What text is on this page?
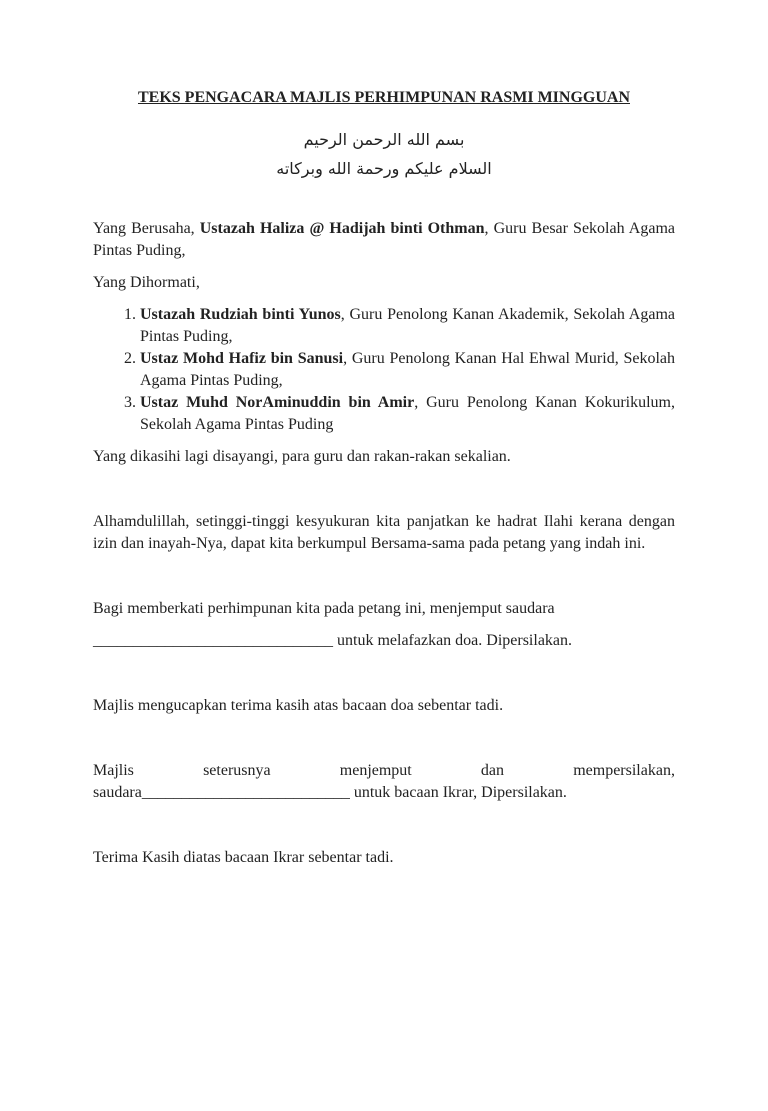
TEKS PENGACARA MAJLIS PERHIMPUNAN RASMI MINGGUAN
بسم الله الرحمن الرحيم
السلام عليكم ورحمة الله وبركاته

Yang Berusaha, Ustazah Haliza @ Hadijah binti Othman, Guru Besar Sekolah Agama Pintas Puding,

Yang Dihormati,

1. Ustazah Rudziah binti Yunos, Guru Penolong Kanan Akademik, Sekolah Agama Pintas Puding,
2. Ustaz Mohd Hafiz bin Sanusi, Guru Penolong Kanan Hal Ehwal Murid, Sekolah Agama Pintas Puding,
3. Ustaz Muhd NorAminuddin bin Amir, Guru Penolong Kanan Kokurikulum, Sekolah Agama Pintas Puding

Yang dikasihi lagi disayangi, para guru dan rakan-rakan sekalian.

Alhamdulillah, setinggi-tinggi kesyukuran kita panjatkan ke hadrat Ilahi kerana dengan izin dan inayah-Nya, dapat kita berkumpul Bersama-sama pada petang yang indah ini.

Bagi memberkati perhimpunan kita pada petang ini, menjemput saudara

______________________________ untuk melafazkan doa. Dipersilakan.

Majlis mengucapkan terima kasih atas bacaan doa sebentar tadi.

Majlis	seterusnya	menjemput	dan	mempersilakan,
saudara__________________________ untuk bacaan Ikrar, Dipersilakan.

Terima Kasih diatas bacaan Ikrar sebentar tadi.
